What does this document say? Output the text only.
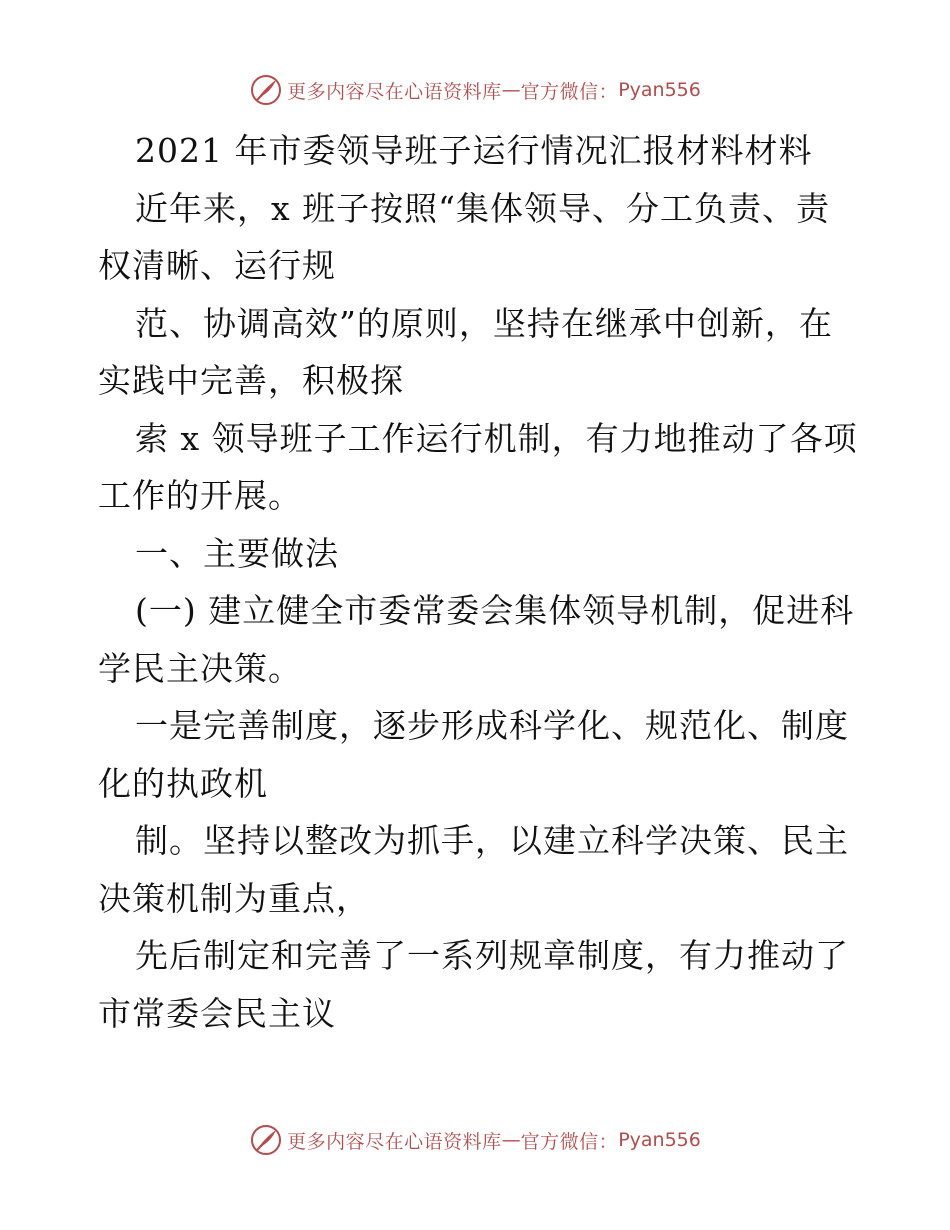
更多内容尽在心语资料库 — 官方微信： Pyan556
2021 年市委领导班子运行情况汇报材料材料
近年来，x 班子按照“集体领导、分工负责、责
权清晰、运行规
范、协调高效”的原则，坚持在继承中创新，在
实践中完善，积极探
索 x 领导班子工作运行机制，有力地推动了各项
工作的开展。
一、主要做法
(一) 建立健全市委常委会集体领导机制，促进科
学民主决策。
一是完善制度，逐步形成科学化、规范化、制度
化的执政机
制。坚持以整改为抓手，以建立科学决策、民主
决策机制为重点，
先后制定和完善了一系列规章制度，有力推动了
市常委会民主议
更多内容尽在心语资料库 — 官方微信： Pyan556
